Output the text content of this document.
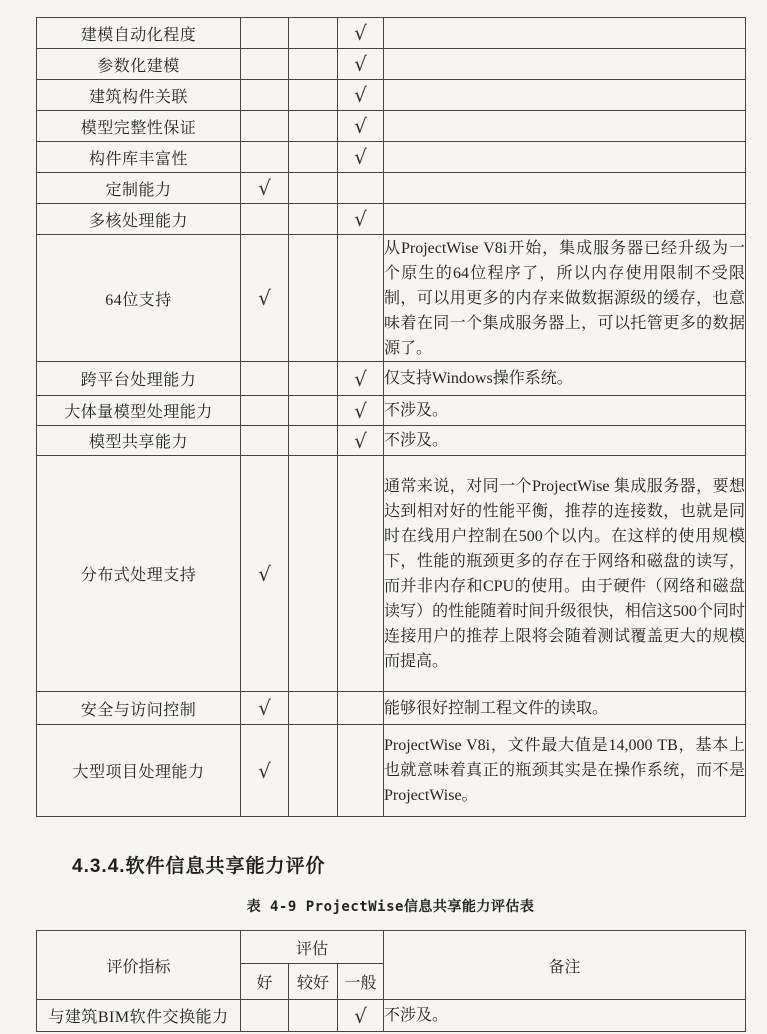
建模自动化程度			√	
参数化建模			√	
建筑构件关联			√	
模型完整性保证			√	
构件库丰富性			√	
定制能力	√			
多核处理能力			√	
64位支持	√			从ProjectWise V8i开始，集成服务器已经升级为一个原生的64位程序了，所以内存使用限制不受限制，可以用更多的内存来做数据源级的缓存，也意味着在同一个集成服务器上，可以托管更多的数据源了。
跨平台处理能力			√	仅支持Windows操作系统。
大体量模型处理能力			√	不涉及。
模型共享能力			√	不涉及。
分布式处理支持	√			通常来说，对同一个ProjectWise 集成服务器，要想达到相对好的性能平衡，推荐的连接数，也就是同时在线用户控制在500个以内。在这样的使用规模下，性能的瓶颈更多的存在于网络和磁盘的读写，而并非内存和CPU的使用。由于硬件（网络和磁盘读写）的性能随着时间升级很快，相信这500个同时连接用户的推荐上限将会随着测试覆盖更大的规模而提高。
安全与访问控制	√			能够很好控制工程文件的读取。
大型项目处理能力	√			ProjectWise V8i，文件最大值是14,000 TB，基本上也就意味着真正的瓶颈其实是在操作系统，而不是ProjectWise。
4.3.4.软件信息共享能力评价
表 4-9 ProjectWise信息共享能力评估表
评价指标	评估			备注
	好	较好	一般	
与建筑BIM软件交换能力			√	不涉及。
